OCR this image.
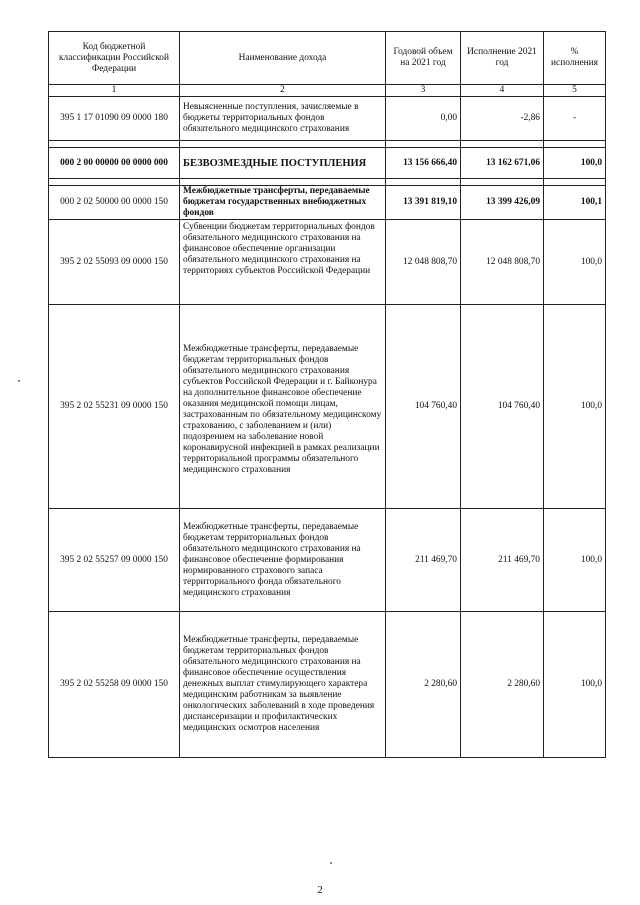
Код бюджетной классификации Российской Федерации	Наименование дохода	Годовой объем на 2021 год	Исполнение 2021 год	% исполнения
1	2	3	4	5
395 1 17 01090 09 0000 180	Невыясненные поступления, зачисляемые в бюджеты территориальных фондов обязательного медицинского страхования	0,00	-2,86	-

000 2 00 00000 00 0000 000	БЕЗВОЗМЕЗДНЫЕ ПОСТУПЛЕНИЯ	13 156 666,40	13 162 671,06	100,0

000 2 02 50000 00 0000 150	Межбюджетные трансферты, передаваемые бюджетам государственных внебюджетных фондов	13 391 819,10	13 399 426,09	100,1
395 2 02 55093 09 0000 150	Субвенции бюджетам территориальных фондов обязательного медицинского страхования на финансовое обеспечение организации обязательного медицинского страхования на территориях субъектов Российской Федерации	12 048 808,70	12 048 808,70	100,0
395 2 02 55231 09 0000 150	Межбюджетные трансферты, передаваемые бюджетам территориальных фондов обязательного медицинского страхования субъектов Российской Федерации и г. Байконура на дополнительное финансовое обеспечение оказания медицинской помощи лицам, застрахованным по обязательному медицинскому страхованию, с заболеванием и (или) подозрением на заболевание новой коронавирусной инфекцией в рамках реализации территориальной программы обязательного медицинского страхования	104 760,40	104 760,40	100,0
395 2 02 55257 09 0000 150	Межбюджетные трансферты, передаваемые бюджетам территориальных фондов обязательного медицинского страхования на финансовое обеспечение формирования нормированного страхового запаса территориального фонда обязательного медицинского страхования	211 469,70	211 469,70	100,0
395 2 02 55258 09 0000 150	Межбюджетные трансферты, передаваемые бюджетам территориальных фондов обязательного медицинского страхования на финансовое обеспечение осуществления денежных выплат стимулирующего характера медицинским работникам за выявление онкологических заболеваний в ходе проведения диспансеризации и профилактических медицинских осмотров населения	2 280,60	2 280,60	100,0
2
